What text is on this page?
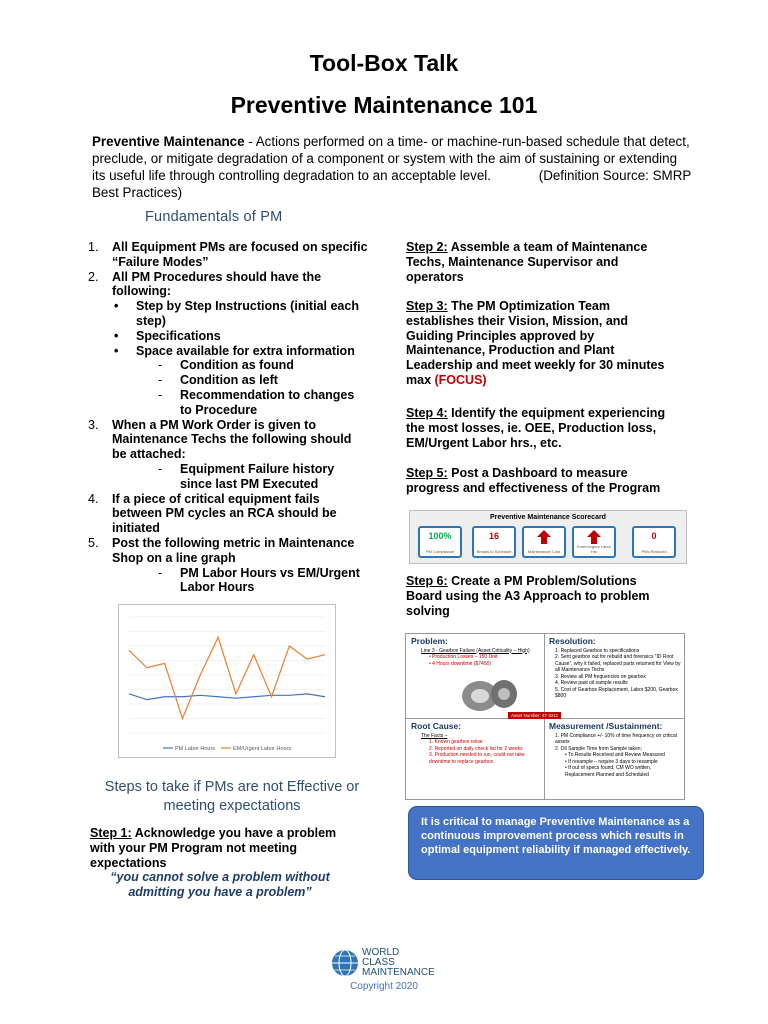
Tool-Box Talk
Preventive Maintenance 101
Preventive Maintenance - Actions performed on a time- or machine-run-based schedule that detect, preclude, or mitigate degradation of a component or system with the aim of sustaining or extending its useful life through controlling degradation to an acceptable level.	(Definition Source: SMRP Best Practices)
Fundamentals of PM
1. All Equipment PMs are focused on specific “Failure Modes”
2. All PM Procedures should have the following:
• Step by Step Instructions (initial each step)
• Specifications
• Space available for extra information
- Condition as found
- Condition as left
- Recommendation to changes to Procedure
3. When a PM Work Order is given to Maintenance Techs the following should be attached:
- Equipment Failure history since last PM Executed
4. If a piece of critical equipment fails between PM cycles an RCA should be initiated
5. Post the following metric in Maintenance Shop on a line graph
- PM Labor Hours vs EM/Urgent Labor Hours
PM Labor Hours	EM/Urgent Labor Hours
Steps to take if PMs are not Effective or meeting expectations
Step 1: Acknowledge you have a problem with your PM Program not meeting expectations
“you cannot solve a problem without admitting you have a problem”
Step 2: Assemble a team of Maintenance Techs, Maintenance Supervisor and operators
Step 3: The PM Optimization Team establishes their Vision, Mission, and Guiding Principles approved by Maintenance, Production and Plant Leadership and meet weekly for 30 minutes max (FOCUS)
Step 4: Identify the equipment experiencing the most losses, ie. OEE, Production loss, EM/Urgent Labor hrs., etc.
Step 5: Post a Dashboard to measure progress and effectiveness of the Program
Preventive Maintenance Scorecard
100%
PM Compliance
16
Breaks to Schedule	Maintenance Cost
Emer/Urgent Labor Hrs
0
PMs Reduced
Step 6: Create a PM Problem/Solutions Board using the A3 Approach to problem solving
Problem:
Line 3 - Gearbox Failure (Asset Criticality – High)
• Production Losses – 150 Unit
• 4 Hours downtime ($7450)
Asset Number: 47-3211
Resolution:
1. Replaced Gearbox to specifications
2. Sent gearbox out for rebuild and forensics “ID Root Cause”, why it failed, replaced parts returned for View by all Maintenance Techs
3. Review all PM frequencies on gearbox
4. Review past oil sample results
5. Cost of Gearbox Replacement, Labor $200, Gearbox $800
Root Cause:
The Facts –
1. Known gearbox noise
2. Reported on daily check list for 2 weeks
3. Production needed to run, could not take downtime to replace gearbox
Measurement /Sustainment:
1. PM Compliance +/- 10% of time frequency on critical assets
2. Oil Sample Time from Sample taken;
• To Results Received and Review Measured
• If resample – require 3 days to resample
• If out of specs found, CM WO written, Replacement Planned and Scheduled
It is critical to manage Preventive Maintenance as a continuous improvement process which results in optimal equipment reliability if managed effectively.
WORLD
CLASS
MAINTENANCE
Copyright 2020
